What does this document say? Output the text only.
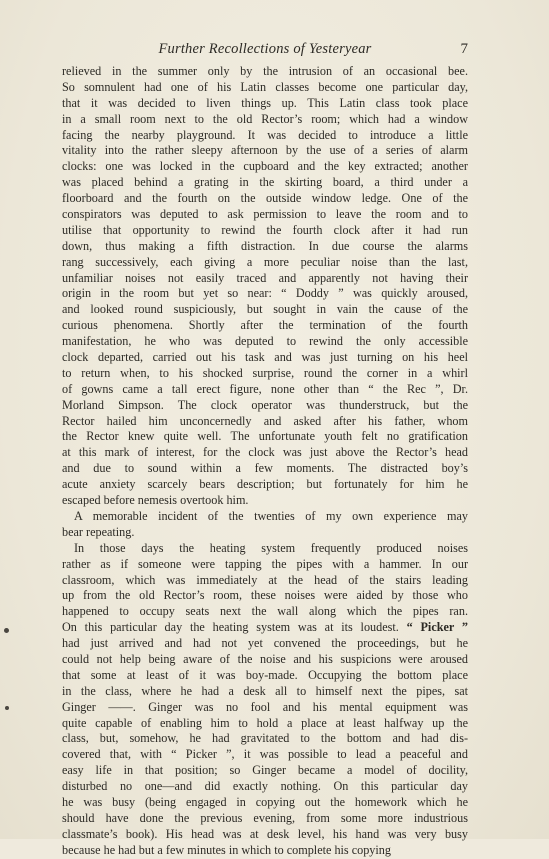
Further Recollections of Yesteryear	7
relieved in the summer only by the intrusion of an occasional bee.
So somnulent had one of his Latin classes become one particular day,
that it was decided to liven things up. This Latin class took place
in a small room next to the old Rector’s room; which had a window
facing the nearby playground. It was decided to introduce a little
vitality into the rather sleepy afternoon by the use of a series of alarm
clocks: one was locked in the cupboard and the key extracted; another
was placed behind a grating in the skirting board, a third under a
floorboard and the fourth on the outside window ledge. One of the
conspirators was deputed to ask permission to leave the room and to
utilise that opportunity to rewind the fourth clock after it had run
down, thus making a fifth distraction. In due course the alarms
rang successively, each giving a more peculiar noise than the last,
unfamiliar noises not easily traced and apparently not having their
origin in the room but yet so near: “ Doddy ” was quickly aroused,
and looked round suspiciously, but sought in vain the cause of the
curious phenomena. Shortly after the termination of the fourth
manifestation, he who was deputed to rewind the only accessible
clock departed, carried out his task and was just turning on his heel
to return when, to his shocked surprise, round the corner in a whirl
of gowns came a tall erect figure, none other than “ the Rec ”, Dr.
Morland Simpson. The clock operator was thunderstruck, but the
Rector hailed him unconcernedly and asked after his father, whom
the Rector knew quite well. The unfortunate youth felt no gratification
at this mark of interest, for the clock was just above the Rector’s head
and due to sound within a few moments. The distracted boy’s
acute anxiety scarcely bears description; but fortunately for him he
escaped before nemesis overtook him.
A memorable incident of the twenties of my own experience may
bear repeating.
In those days the heating system frequently produced noises
rather as if someone were tapping the pipes with a hammer. In our
classroom, which was immediately at the head of the stairs leading
up from the old Rector’s room, these noises were aided by those who
happened to occupy seats next the wall along which the pipes ran.
On this particular day the heating system was at its loudest. “ Picker ”
had just arrived and had not yet convened the proceedings, but he
could not help being aware of the noise and his suspicions were aroused
that some at least of it was boy-made. Occupying the bottom place
in the class, where he had a desk all to himself next the pipes, sat
Ginger ——. Ginger was no fool and his mental equipment was
quite capable of enabling him to hold a place at least halfway up the
class, but, somehow, he had gravitated to the bottom and had dis-
covered that, with “ Picker ”, it was possible to lead a peaceful and
easy life in that position; so Ginger became a model of docility,
disturbed no one—and did exactly nothing. On this particular day
he was busy (being engaged in copying out the homework which he
should have done the previous evening, from some more industrious
classmate’s book). His head was at desk level, his hand was very busy
because he had but a few minutes in which to complete his copying
